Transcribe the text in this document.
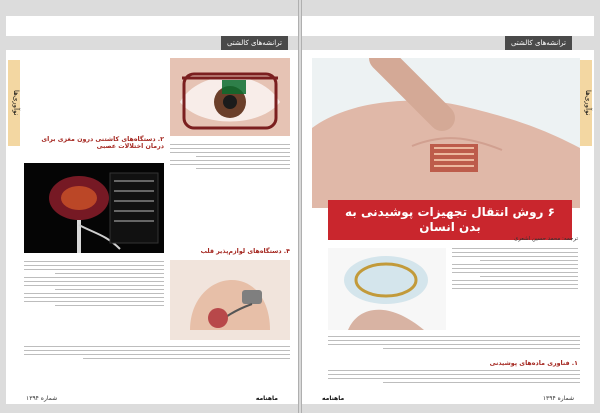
ترانشه‌های کالشتی
نوآوری‌ها
۲. دستگاه‌های کاشتنی درون مغزی برای درمان اختلالات عصبی
۴. دستگاه‌های لوازم‌پذیر قلب
شماره ۱۳۹۴	ماهنامه
ترانشه‌های کالشتی
نوآوری‌ها
۶ روش انتقال تجهیزات پوشیدنی به بدن انسان
ترجمه: محمد حسین اشعری
۱. فناوری ماده‌های پوشیدنی
شماره ۱۳۹۴
ماهنامه
